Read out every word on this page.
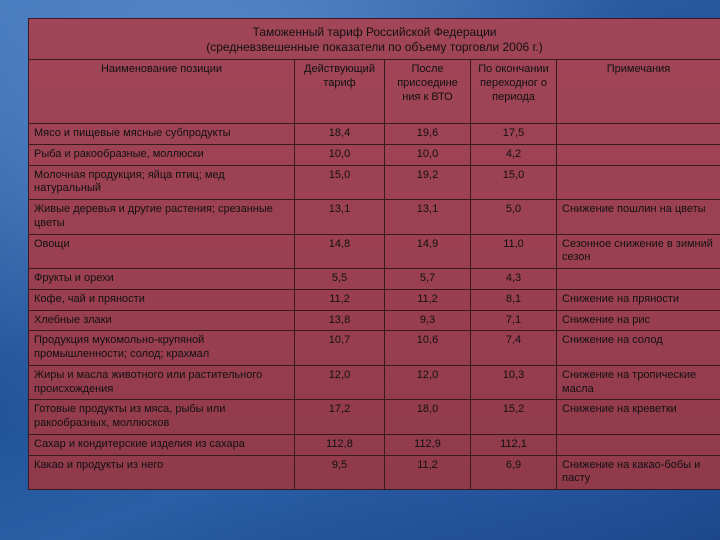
Таможенный тариф Российской Федерации
(средневзвешенные показатели по объему торговли 2006 г.)				

Наименование позиции	Действующий тариф	После присоедине ния к ВТО	По окончании переходног о периода	Примечания
Мясо и пищевые мясные субпродукты	18,4	19,6	17,5	
Рыба и ракообразные, моллюски	10,0	10,0	4,2	
Молочная продукция; яйца птиц; мед натуральный	15,0	19,2	15,0	
Живые деревья и другие растения; срезанные цветы	13,1	13,1	5,0	Снижение пошлин на цветы
Овощи	14,8	14,9	11,0	Сезонное снижение в зимний сезон
Фрукты и орехи	5,5	5,7	4,3	
Кофе, чай и пряности	11,2	11,2	8,1	Снижение на пряности
Хлебные злаки	13,8	9,3	7,1	Снижение на рис
Продукция мукомольно-крупяной промышленности; солод; крахмал	10,7	10,6	7,4	Снижение на солод
Жиры и масла животного или растительного происхождения	12,0	12,0	10,3	Снижение на тропические масла
Готовые продукты из мяса, рыбы или ракообразных, моллюсков	17,2	18,0	15,2	Снижение на креветки
Сахар и кондитерские изделия из сахара	112,8	112,9	112,1	
Какао и продукты из него	9,5	11,2	6,9	Снижение на какао-бобы и пасту
